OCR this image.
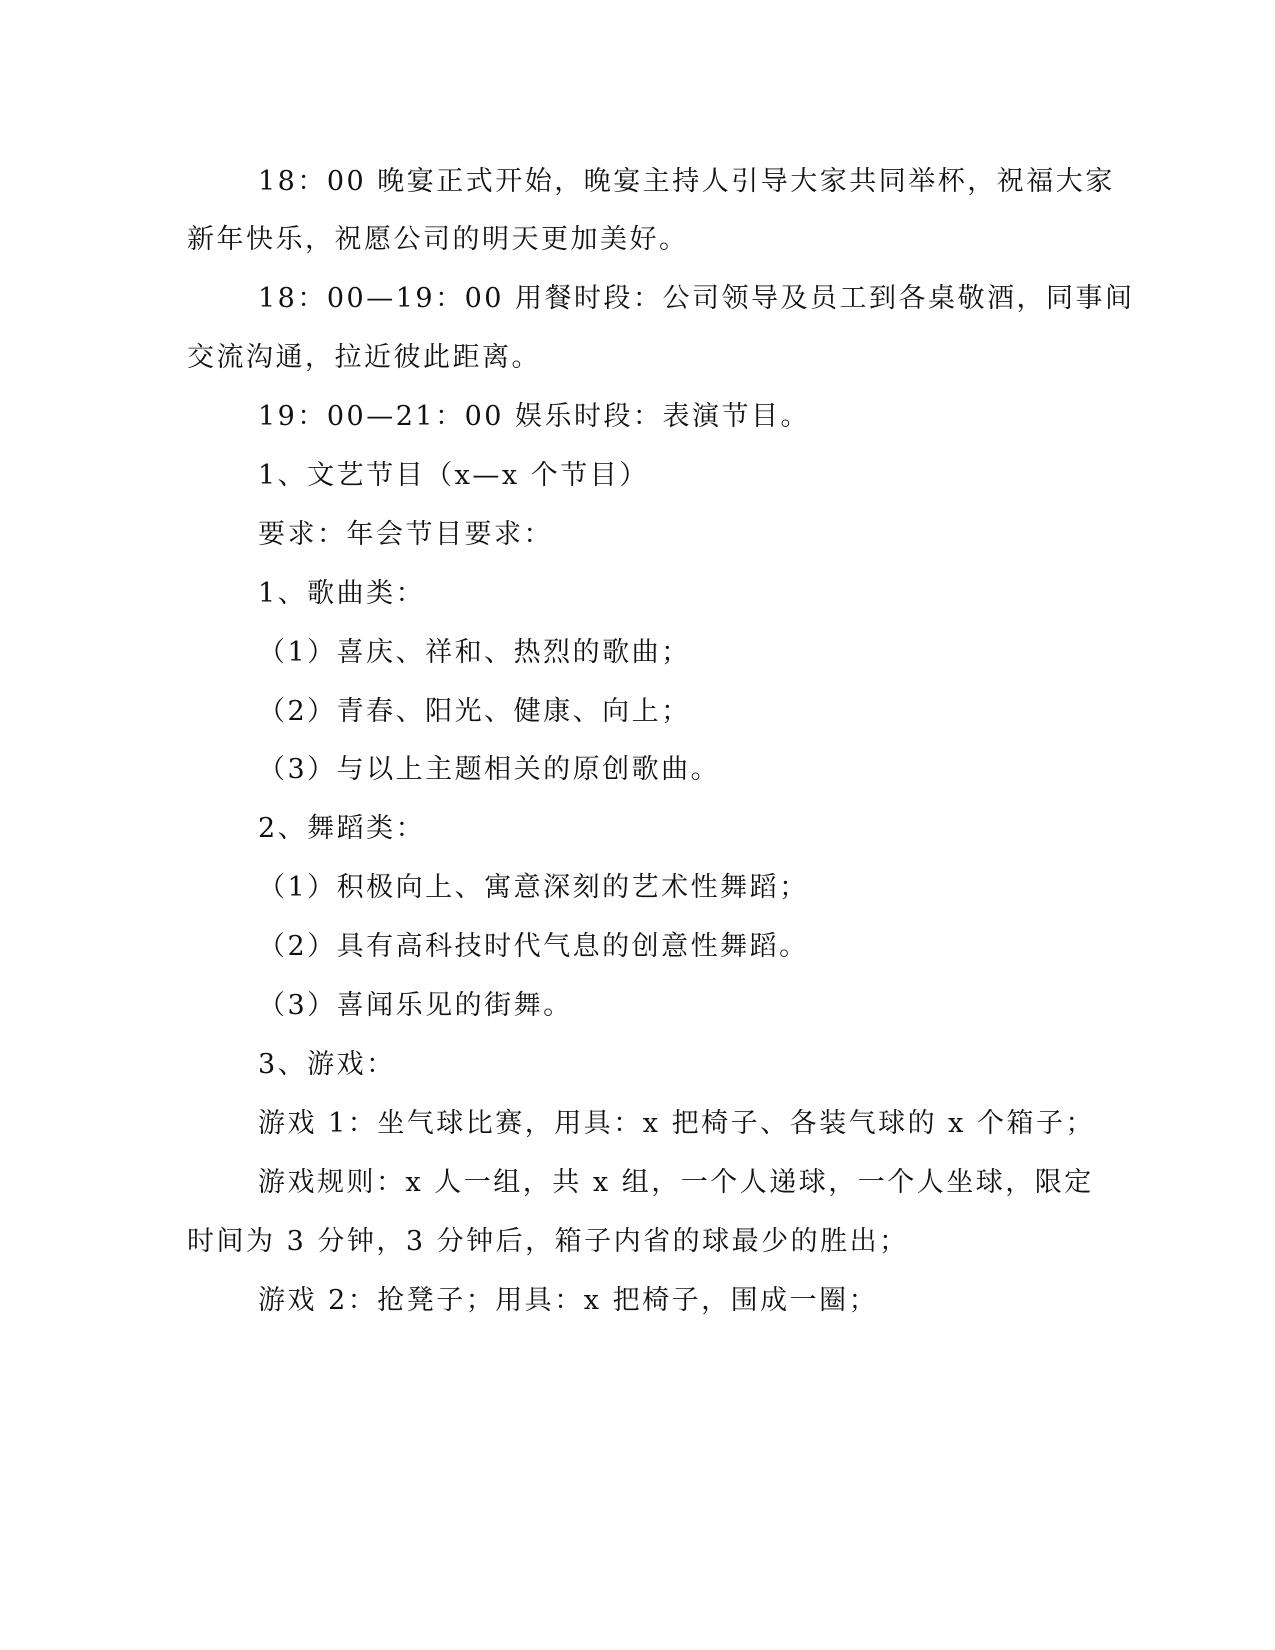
18：00 晚宴正式开始，晚宴主持人引导大家共同举杯，祝福大家
新年快乐，祝愿公司的明天更加美好。
18：00—19：00 用餐时段：公司领导及员工到各桌敬酒，同事间
交流沟通，拉近彼此距离。
19：00—21：00 娱乐时段：表演节目。
1、文艺节目（x—x 个节目）
要求：年会节目要求：
1、歌曲类：
（1）喜庆、祥和、热烈的歌曲；
（2）青春、阳光、健康、向上；
（3）与以上主题相关的原创歌曲。
2、舞蹈类：
（1）积极向上、寓意深刻的艺术性舞蹈；
（2）具有高科技时代气息的创意性舞蹈。
（3）喜闻乐见的街舞。
3、游戏：
游戏 1：坐气球比赛，用具：x 把椅子、各装气球的 x 个箱子；
游戏规则：x 人一组，共 x 组，一个人递球，一个人坐球，限定
时间为 3 分钟，3 分钟后，箱子内省的球最少的胜出；
游戏 2：抢凳子；用具：x 把椅子，围成一圈；
